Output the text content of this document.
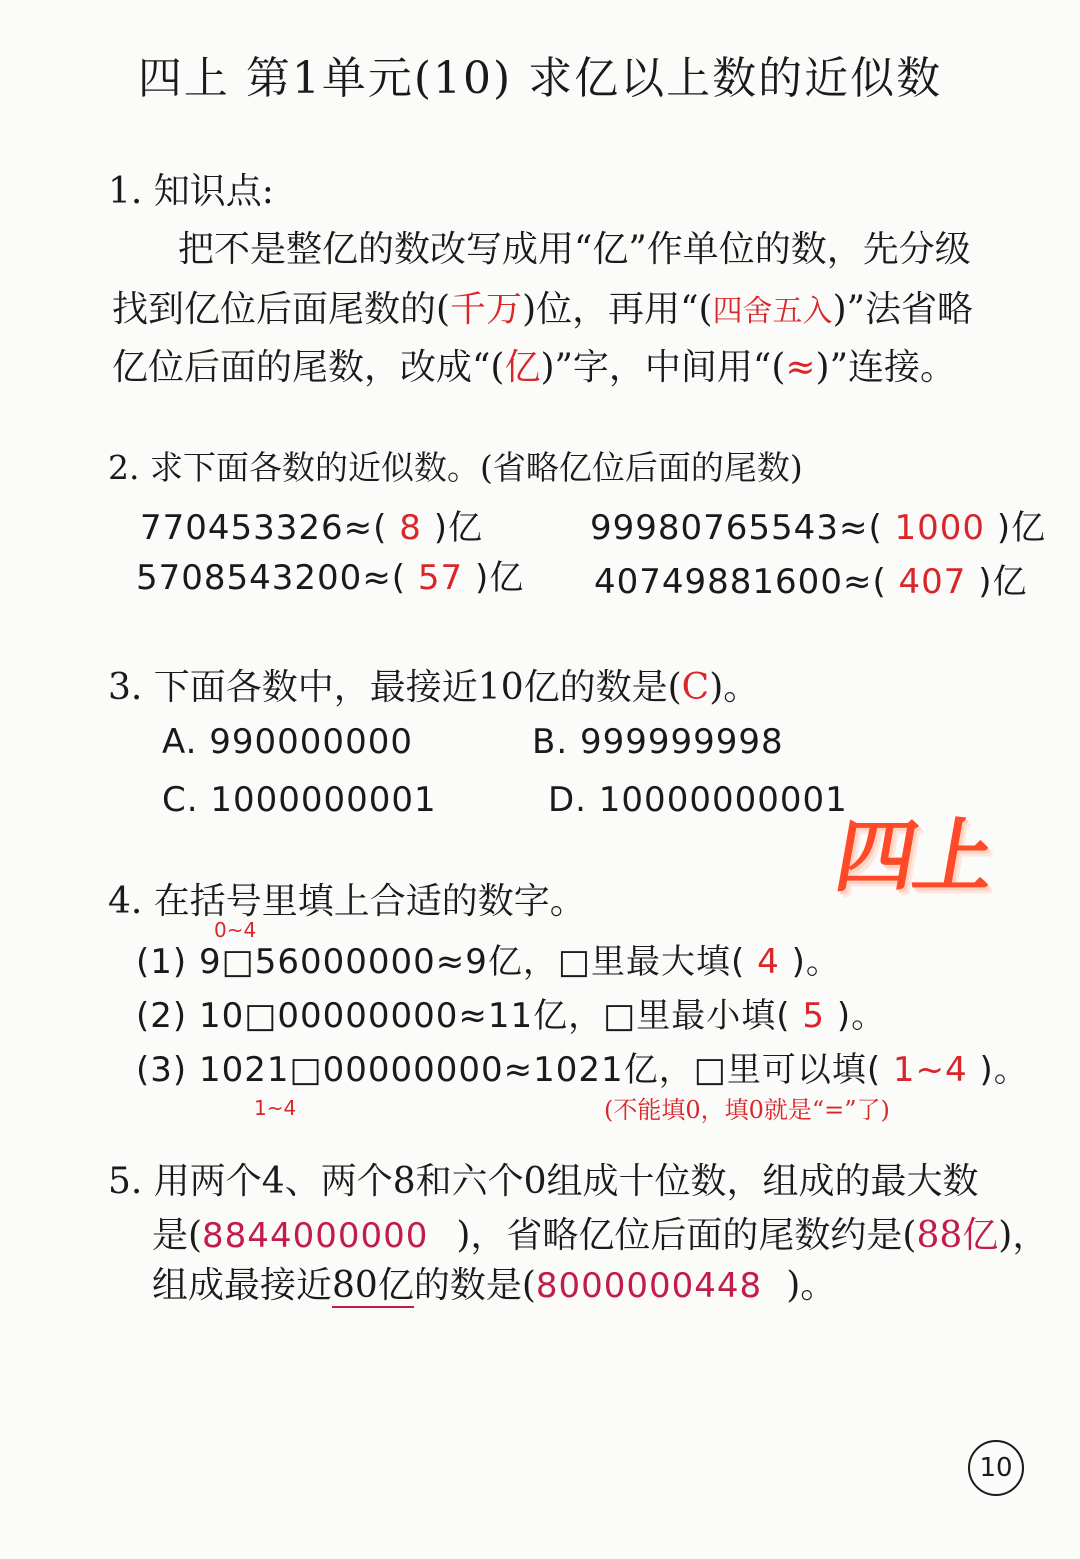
四上 第1单元(10) 求亿以上数的近似数
1. 知识点:
把不是整亿的数改写成用“亿”作单位的数，先分级
找到亿位后面尾数的(千万)位，再用“(四舍五入)”法省略
亿位后面的尾数，改成“(亿)”字，中间用“(≈)”连接。
2. 求下面各数的近似数。(省略亿位后面的尾数)
770453326≈( 8 )亿	99980765543≈( 1000 )亿
5708543200≈( 57 )亿 40749881600≈( 407 )亿
3. 下面各数中，最接近10亿的数是(C)。
A. 990000000	B. 999999998
C. 1000000001	D. 10000000001
四上
4. 在括号里填上合适的数字。
0~4
(1) 9□56000000≈9亿，□里最大填( 4 )。
(2) 10□00000000≈11亿，□里最小填( 5 )。
(3) 1021□00000000≈1021亿，□里可以填( 1~4 )。
1~4	(不能填0，填0就是“=”了)
5. 用两个4、两个8和六个0组成十位数，组成的最大数
是(8844000000 )，省略亿位后面的尾数约是(88亿)，
组成最接近80亿的数是(8000000448 )。
10
